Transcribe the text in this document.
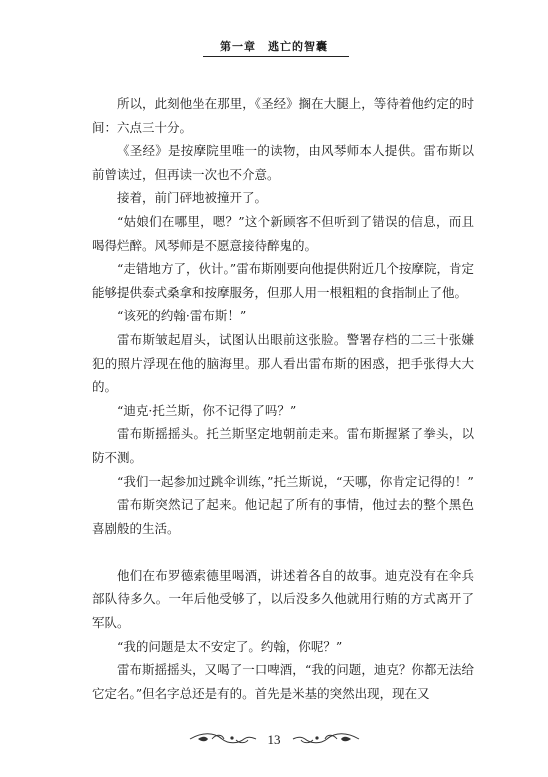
第一章　逃亡的智囊

所以，此刻他坐在那里，《圣经》搁在大腿上，等待着他约定的时间：六点三十分。

《圣经》是按摩院里唯一的读物，由风琴师本人提供。雷布斯以前曾读过，但再读一次也不介意。

接着，前门砰地被撞开了。

“姑娘们在哪里，嗯？”这个新顾客不但听到了错误的信息，而且喝得烂醉。风琴师是不愿意接待醉鬼的。

“走错地方了，伙计。”雷布斯刚要向他提供附近几个按摩院，肯定能够提供泰式桑拿和按摩服务，但那人用一根粗粗的食指制止了他。

“该死的约翰·雷布斯！”

雷布斯皱起眉头，试图认出眼前这张脸。警署存档的二三十张嫌犯的照片浮现在他的脑海里。那人看出雷布斯的困惑，把手张得大大的。

“迪克·托兰斯，你不记得了吗？”

雷布斯摇摇头。托兰斯坚定地朝前走来。雷布斯握紧了拳头，以防不测。

“我们一起参加过跳伞训练，”托兰斯说，“天哪，你肯定记得的！”

雷布斯突然记了起来。他记起了所有的事情，他过去的整个黑色喜剧般的生活。

他们在布罗德索德里喝酒，讲述着各自的故事。迪克没有在伞兵部队待多久。一年后他受够了，以后没多久他就用行贿的方式离开了军队。

“我的问题是太不安定了。约翰，你呢？”

雷布斯摇摇头，又喝了一口啤酒，“我的问题，迪克？你都无法给它定名。”但名字总还是有的。首先是米基的突然出现，现在又

13
